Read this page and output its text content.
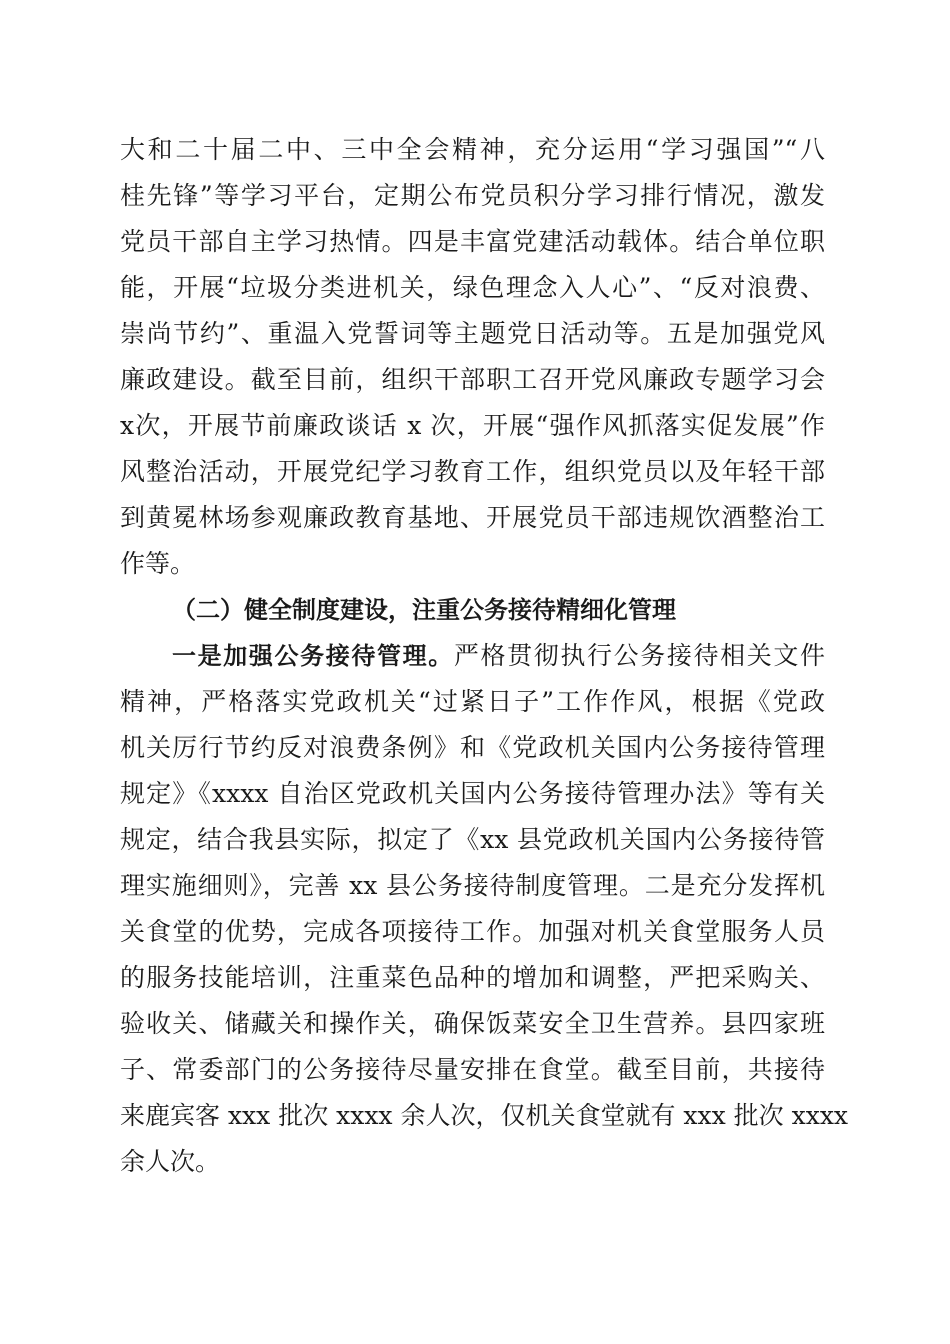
大和二十届二中、三中全会精神，充分运用“学习强国”“八
桂先锋”等学习平台，定期公布党员积分学习排行情况，激发
党员干部自主学习热情。四是丰富党建活动载体。结合单位职
能，开展“垃圾分类进机关，绿色理念入人心”、“反对浪费、
崇尚节约”、重温入党誓词等主题党日活动等。五是加强党风
廉政建设。截至目前，组织干部职工召开党风廉政专题学习会
x次，开展节前廉政谈话 x 次，开展“强作风抓落实促发展”作
风整治活动，开展党纪学习教育工作，组织党员以及年轻干部
到黄冕林场参观廉政教育基地、开展党员干部违规饮酒整治工
作等。
（二）健全制度建设，注重公务接待精细化管理
一是加强公务接待管理。严格贯彻执行公务接待相关文件
精神，严格落实党政机关“过紧日子”工作作风，根据《党政
机关厉行节约反对浪费条例》和《党政机关国内公务接待管理
规定》《xxxx 自治区党政机关国内公务接待管理办法》等有关
规定，结合我县实际，拟定了《xx 县党政机关国内公务接待管
理实施细则》，完善 xx 县公务接待制度管理。二是充分发挥机
关食堂的优势，完成各项接待工作。加强对机关食堂服务人员
的服务技能培训，注重菜色品种的增加和调整，严把采购关、
验收关、储藏关和操作关，确保饭菜安全卫生营养。县四家班
子、常委部门的公务接待尽量安排在食堂。截至目前，共接待
来鹿宾客 xxx 批次 xxxx 余人次，仅机关食堂就有 xxx 批次 xxxx
余人次。
